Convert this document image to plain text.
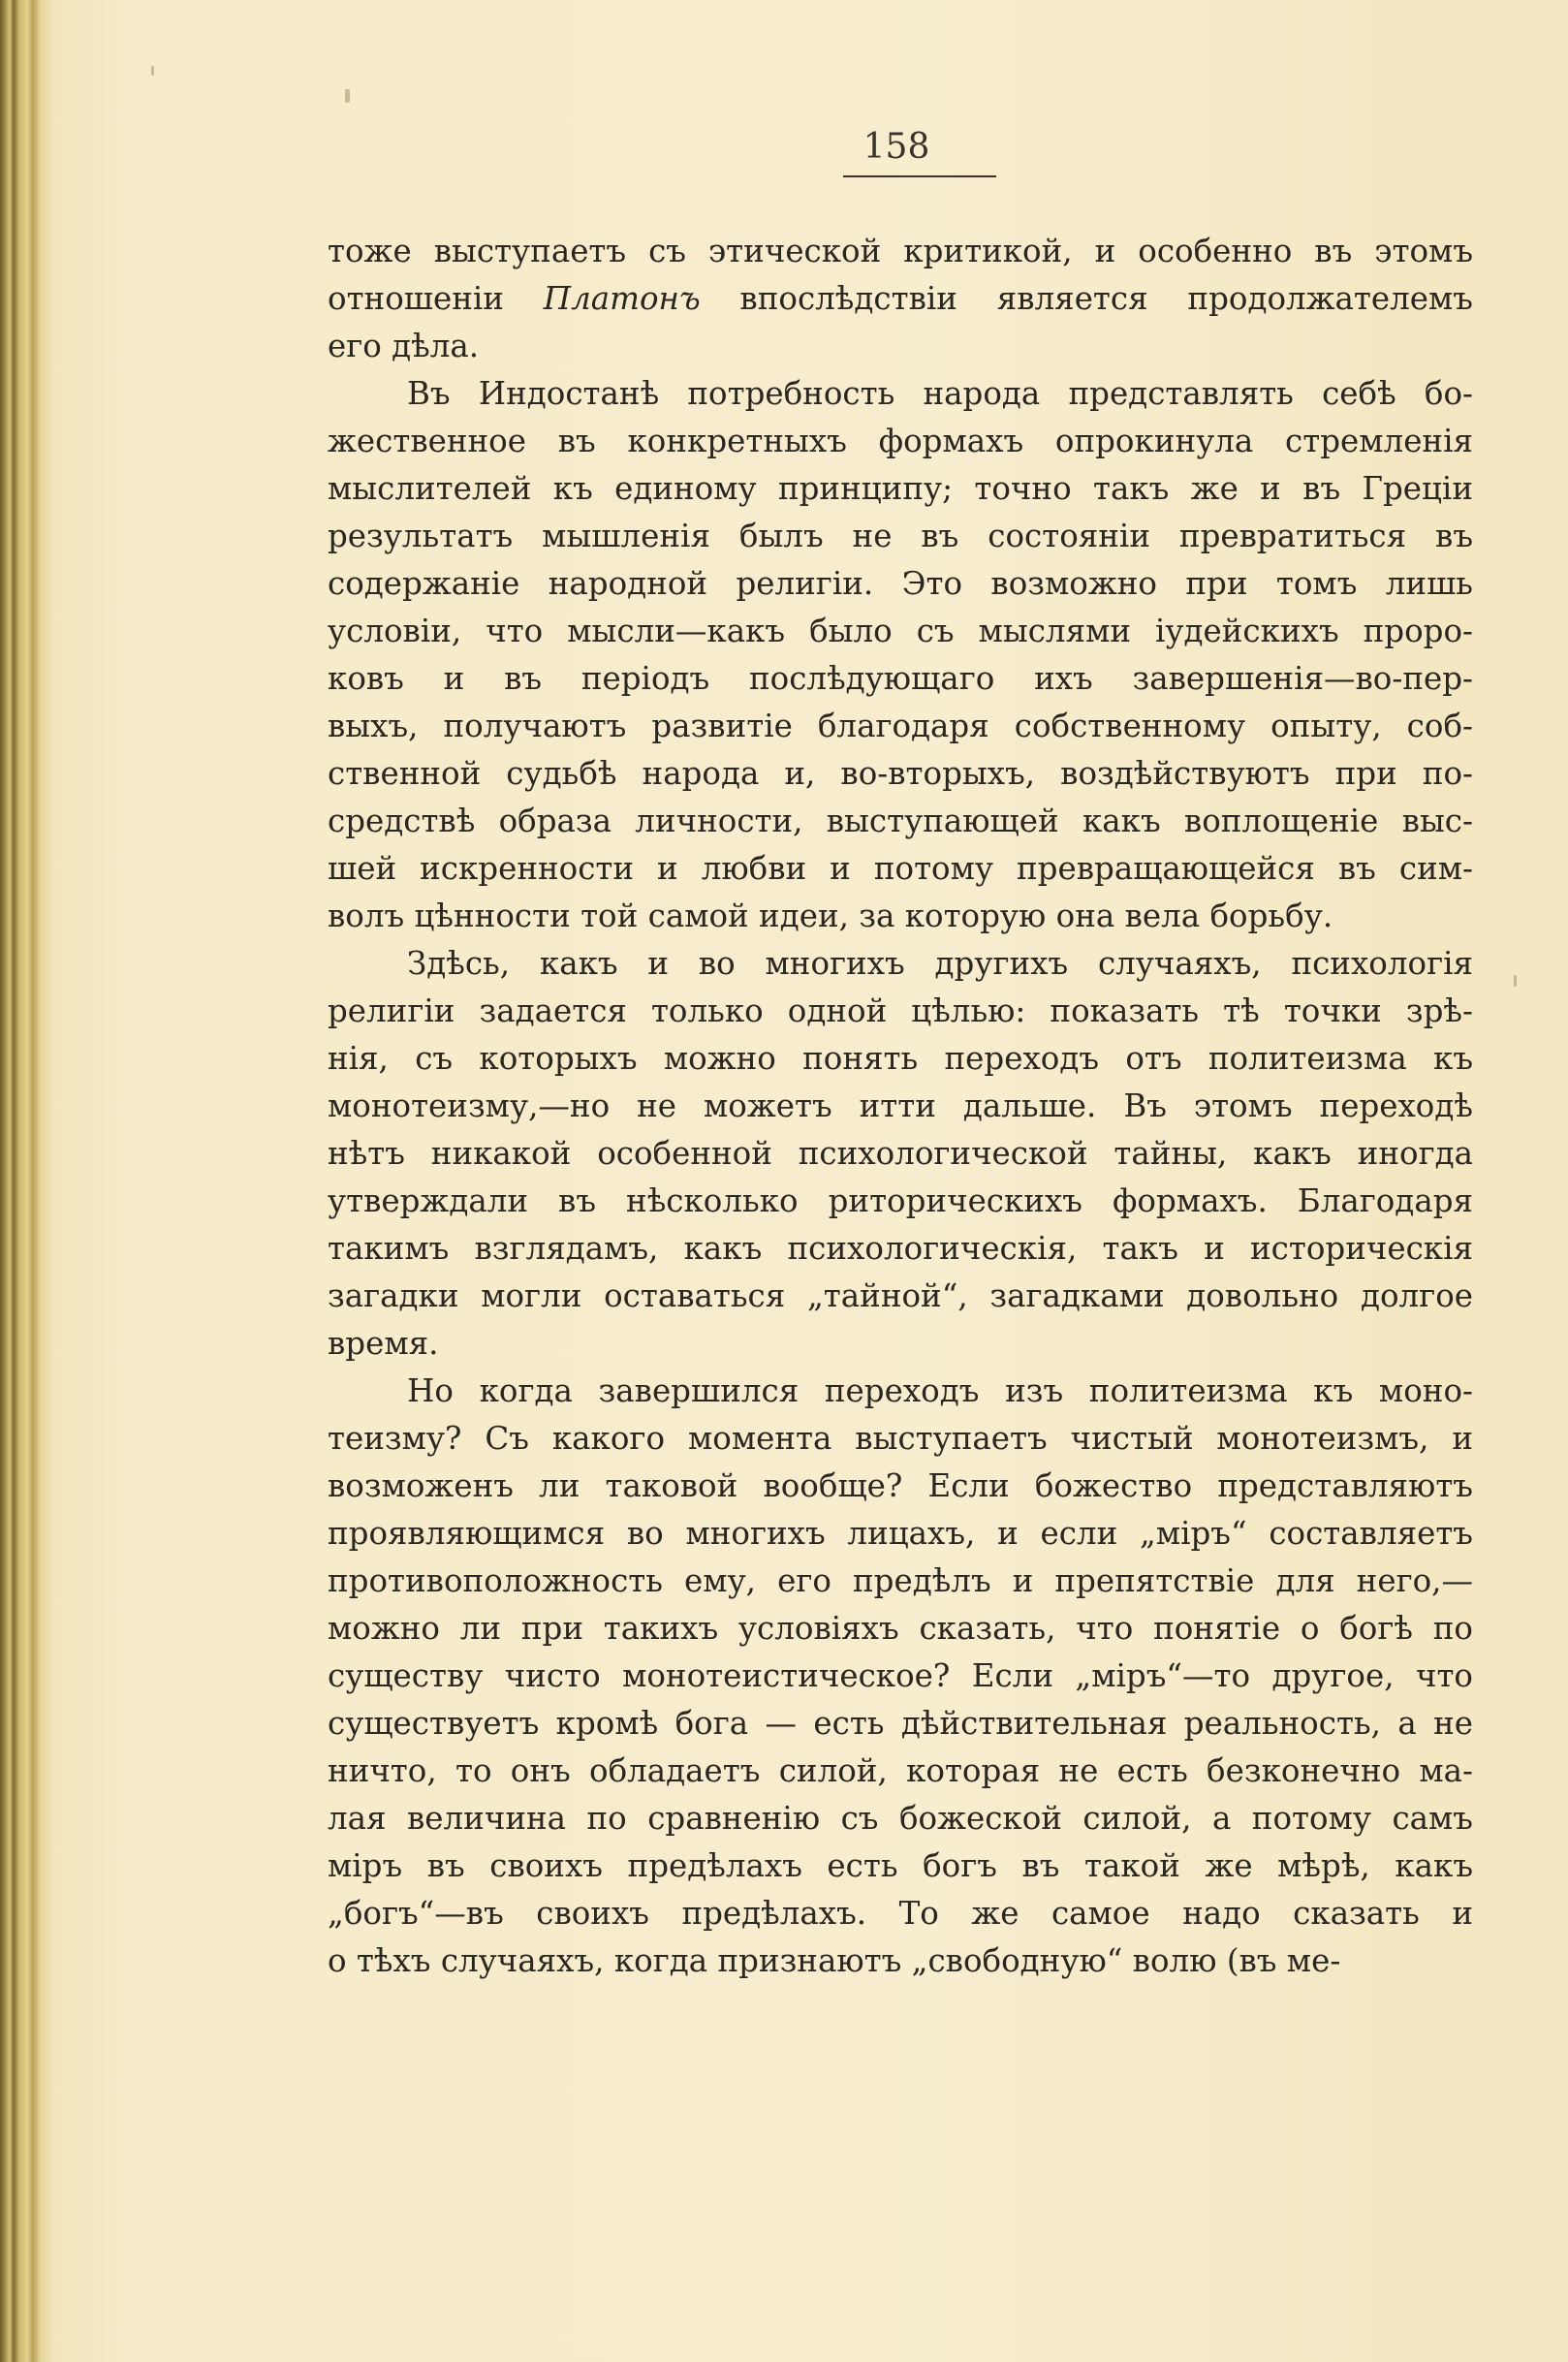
158
тоже выступаетъ съ этической критикой, и особенно въ этомъ
отношеніи Платонъ впослѣдствіи является продолжателемъ
его дѣла.
Въ Индостанѣ потребность народа представлять себѣ бо-
жественное въ конкретныхъ формахъ опрокинула стремленія
мыслителей къ единому принципу; точно такъ же и въ Греціи
результатъ мышленія былъ не въ состояніи превратиться въ
содержаніе народной религіи. Это возможно при томъ лишь
условіи, что мысли—какъ было съ мыслями іудейскихъ проро-
ковъ и въ періодъ послѣдующаго ихъ завершенія—во-пер-
выхъ, получаютъ развитіе благодаря собственному опыту, соб-
ственной судьбѣ народа и, во-вторыхъ, воздѣйствуютъ при по-
средствѣ образа личности, выступающей какъ воплощеніе выс-
шей искренности и любви и потому превращающейся въ сим-
волъ цѣнности той самой идеи, за которую она вела борьбу.
Здѣсь, какъ и во многихъ другихъ случаяхъ, психологія
религіи задается только одной цѣлью: показать тѣ точки зрѣ-
нія, съ которыхъ можно понять переходъ отъ политеизма къ
монотеизму,—но не можетъ итти дальше. Въ этомъ переходѣ
нѣтъ никакой особенной психологической тайны, какъ иногда
утверждали въ нѣсколько риторическихъ формахъ. Благодаря
такимъ взглядамъ, какъ психологическія, такъ и историческія
загадки могли оставаться „тайной“, загадками довольно долгое
время.
Но когда завершился переходъ изъ политеизма къ моно-
теизму? Съ какого момента выступаетъ чистый монотеизмъ, и
возможенъ ли таковой вообще? Если божество представляютъ
проявляющимся во многихъ лицахъ, и если „міръ“ составляетъ
противоположность ему, его предѣлъ и препятствіе для него,—
можно ли при такихъ условіяхъ сказать, что понятіе о богѣ по
существу чисто монотеистическое? Если „міръ“—то другое, что
существуетъ кромѣ бога — есть дѣйствительная реальность, а не
ничто, то онъ обладаетъ силой, которая не есть безконечно ма-
лая величина по сравненію съ божеской силой, а потому самъ
міръ въ своихъ предѣлахъ есть богъ въ такой же мѣрѣ, какъ
„богъ“—въ своихъ предѣлахъ. То же самое надо сказать и
о тѣхъ случаяхъ, когда признаютъ „свободную“ волю (въ ме-
